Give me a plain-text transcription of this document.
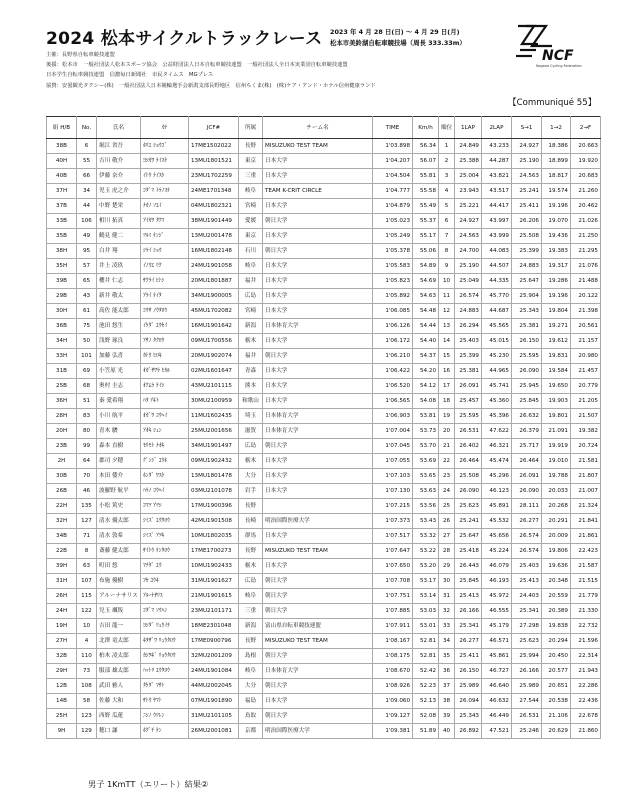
2024 松本サイクルトラックレース 2023 年 4 月 28 日(日) 〜 4 月 29 日(月)
松本市美鈴湖自転車競技場（周長 333.33m）
NCF
Nagano Cycling Federation
主催：長野県自転車競技連盟
後援：松本市　一般社団法人松本スポーツ協会　公益財団法人日本自転車競技連盟　一般社団法人全日本実業団自転車競技連盟
日本学生自転車競技連盟　信濃毎日新聞社　市民タイムス　MGプレス
協賛：安曇観光タクシー(株)　一般社団法人日本競輪選手会新潟支部長野地区　信州ちくま(株)　(株)ケア・アンド・ホテル信州健康ランド
【Communiqué 55】
組 H/B	No.	氏名	ｶﾅ	JCF#	所属	チーム名	TIME	Km/h	順位	1LAP	2LAP	S→1	1→2	2→F
38B	6	堀江 省吾	ﾎﾘｴ ｼｮｳｺﾞ	17ME1502022	長野	MISUZUKO TEST TEAM	1'03.898	56.34	1	24.849	43.233	24.927	18.386	20.663
40H	55	吉川 敬介	ﾖｼｶﾜ ｹｲｽｹ	13MU1801521	東京	日本大学	1'04.207	56.07	2	25.388	44.287	25.190	18.899	19.920
40B	66	伊藤 奈介	ｲﾄｳ ﾅｲｽｹ	23MU1702259	三重	日本大学	1'04.504	55.81	3	25.004	43.821	24.563	18.817	20.683
37H	34	児玉 虎之介	ｺﾀﾞﾏ ﾄﾗﾉｽｹ	24ME1701348	岐阜	TEAM K-CRIT CIRCLE	1'04.777	55.58	4	23.943	43.517	25.241	19.574	21.260
37B	44	中野 楚栄	ﾅｶﾉ ｿｴｲ	04MU1802321	宮崎	日本大学	1'04.879	55.49	5	25.221	44.417	25.411	19.196	20.462
33B	106	相川 拓真	ｱｲｶﾜ ﾀｸﾏ	38MU1901449	愛媛	朝日大学	1'05.023	55.37	6	24.927	43.997	26.206	19.070	21.026
35B	49	鶴見 健二	ﾂﾙﾐ ｹﾝｼﾞ	13MU2001478	東京	日本大学	1'05.249	55.17	7	24.563	43.999	25.508	19.436	21.250
38H	95	白井 翔	ｼﾗｲ ｼｮｳ	16MU1802148	石川	朝日大学	1'05.378	55.06	8	24.700	44.083	25.399	19.383	21.295
35H	57	井上 凌玖	ｲﾉｳｴ ﾘｸ	24MU1901058	岐阜	日本大学	1'05.583	54.89	9	25.190	44.507	24.883	19.317	21.076
39B	65	櫻井 仁志	ｻｸﾗｲ ﾋﾄｼ	20MU1801887	福井	日本大学	1'05.823	54.69	10	25.049	44.335	25.647	19.286	21.488
29B	43	新井 敬太	ｱﾗｲ ｹｲﾀ	34MU1900005	広島	日本大学	1'05.892	54.63	11	26.574	45.770	25.904	19.196	20.122
30H	61	高佐 能太郎	ｺｳｻ ﾉｳﾀﾛｳ	45MU1702082	宮崎	日本大学	1'06.085	54.48	12	24.883	44.687	25.343	19.804	21.398
36B	75	池田 悠生	ｲｹﾀﾞ ﾕｳｾｲ	16MU1901642	新潟	日本体育大学	1'06.126	54.44	13	26.294	45.565	25.381	19.271	20.561
34H	50	浅野 琢良	ｱｻﾉ ﾀｸﾛｳ	09MU1700556	栃木	日本大学	1'06.172	54.40	14	25.403	45.015	26.150	19.612	21.157
33H	101	加藤 弘喜	ｶﾄｳ ﾋﾛｷ	20MU1902074	福井	朝日大学	1'06.210	54.37	15	25.399	45.230	25.595	19.831	20.980
31B	69	小笠原 光	ｵｶﾞｻﾜﾗ ﾋｶﾙ	02MU1601647	青森	日本大学	1'06.422	54.20	16	25.381	44.965	26.090	19.584	21.457
25B	68	奥村 圭志	ｵｸﾑﾗ ｹｲｼ	43MU2101115	熊本	日本大学	1'06.520	54.12	17	26.091	45.741	25.945	19.650	20.779
36H	51	秦 愛希翔	ﾊﾀ ｱｷﾄ	30MU2100959	和歌山	日本大学	1'06.565	54.08	18	25.457	45.360	25.845	19.903	21.205
28H	83	小川 航平	ｵｶﾞﾜ ｺｳﾍｲ	11MU1602435	埼玉	日本体育大学	1'06.903	53.81	19	25.595	45.396	26.632	19.801	21.507
20H	80	青木 駿	ｱｵｷ ｼｭﾝ	25MU2001656	滋賀	日本体育大学	1'07.004	53.73	20	26.531	47.622	26.379	21.091	19.382
23B	99	森本 直樹	ﾓﾘﾓﾄ ﾅｵｷ	34MU1901497	広島	朝日大学	1'07.045	53.70	21	26.402	46.321	25.717	19.919	20.724
2H	64	郡司 夕穂	ｸﾞﾝｼﾞ ﾕｳﾎ	09MU1902432	栃木	日本大学	1'07.055	53.69	22	26.464	45.474	26.464	19.010	21.581
30B	70	本田 倭介	ﾎﾝﾀﾞ ﾜｽｹ	13MU1801478	大分	日本大学	1'07.103	53.65	23	25.508	45.296	26.091	19.788	21.807
26B	46	波羅野 航平	ﾊﾗﾉ ｺｳﾍｲ	03MU2101078	岩手	日本大学	1'07.130	53.63	24	26.090	46.123	26.090	20.033	21.007
22H	135	小松 篤史	ｺﾏﾂ ｱﾂｼ	17MU1900396	長野		1'07.215	53.56	25	25.623	45.891	28.111	20.268	21.324
32H	127	清水 優太郎	ｼﾐｽﾞ ﾕｳﾀﾛｳ	42MU1901508	長崎	明治国際医療大学	1'07.373	53.43	26	25.241	45.532	26.277	20.291	21.841
34B	71	清水 敦希	ｼﾐｽﾞ ｱﾂｷ	10MU1802035	群馬	日本大学	1'07.517	53.32	27	25.647	45.656	26.574	20.009	21.861
22B	8	斎藤 健太郎	ｻｲﾄｳ ｹﾝﾀﾛｳ	17ME1700273	長野	MISUZUKO TEST TEAM	1'07.647	53.22	28	25.418	45.224	26.574	19.806	22.423
39H	63	町田 悠	ﾏﾁﾀﾞ ﾕｳ	10MU1902433	栃木	日本大学	1'07.650	53.20	29	26.443	46.079	25.403	19.636	21.587
31H	107	布施 優樹	ﾌｾ ﾕｳｷ	31MU1901627	広島	朝日大学	1'07.708	53.17	30	25.845	46.193	25.413	20.348	21.515
26H	115	アルーナサリス	ｱﾙｰﾅｻﾘｽ	21MU1901615	岐阜	朝日大学	1'07.751	53.14	31	25.413	45.972	24.403	20.559	21.779
24H	122	兒玉 颯叛	ｺﾀﾞﾏ ｿｳﾊﾝ	23MU2101171	三重	朝日大学	1'07.885	53.03	32	26.166	46.555	25.341	20.389	21.330
19H	10	吉田 龍一	ﾖｼﾀﾞ ﾘｭｳｲﾁ	18ME2301048	新潟	富山県自転車競技連盟	1'07.911	53.01	33	25.341	45.179	27.298	19.838	22.732
27H	4	北澤 竜太郎	ｷﾀｻﾞﾜ ﾘｭｳﾀﾛｳ	17ME0900796	長野	MISUZUKO TEST TEAM	1'08.167	52.81	34	26.277	46.571	25.623	20.294	21.596
32B	110	柏木 凌太郎	ｶｼﾜｷﾞ ﾘｮｳﾀﾛｳ	32MU2001209	島根	朝日大学	1'08.175	52.81	35	25.411	45.861	25.994	20.450	22.314
29H	73	服部 雄太郎	ﾊｯﾄﾘ ﾕｳﾀﾛｳ	24MU1901084	岐阜	日本体育大学	1'08.670	52.42	36	26.150	46.727	26.166	20.577	21.943
12B	108	武田 雅人	ﾀｹﾀﾞ ﾏｻﾄ	44MU2002045	大分	朝日大学	1'08.926	52.23	37	25.989	46.640	25.989	20.651	22.286
14B	58	佐藤 大和	ｻﾄｳ ﾔﾏﾄ	07MU1901890	福島	日本大学	1'09.060	52.13	38	26.094	46.632	27.544	20.538	22.436
25H	123	西野 瓜蓮	ﾆｼﾉ ｳﾘﾚﾝ	31MU2101105	鳥取	朝日大学	1'09.127	52.08	39	25.343	46.449	26.531	21.106	22.678
9H	129	穂口 謙	ﾎｸﾞﾁ ｹﾝ	26MU2001081	京都	明治国際医療大学	1'09.381	51.89	40	26.892	47.521	25.246	20.629	21.860
男子 1KmTT（エリート）結果②
